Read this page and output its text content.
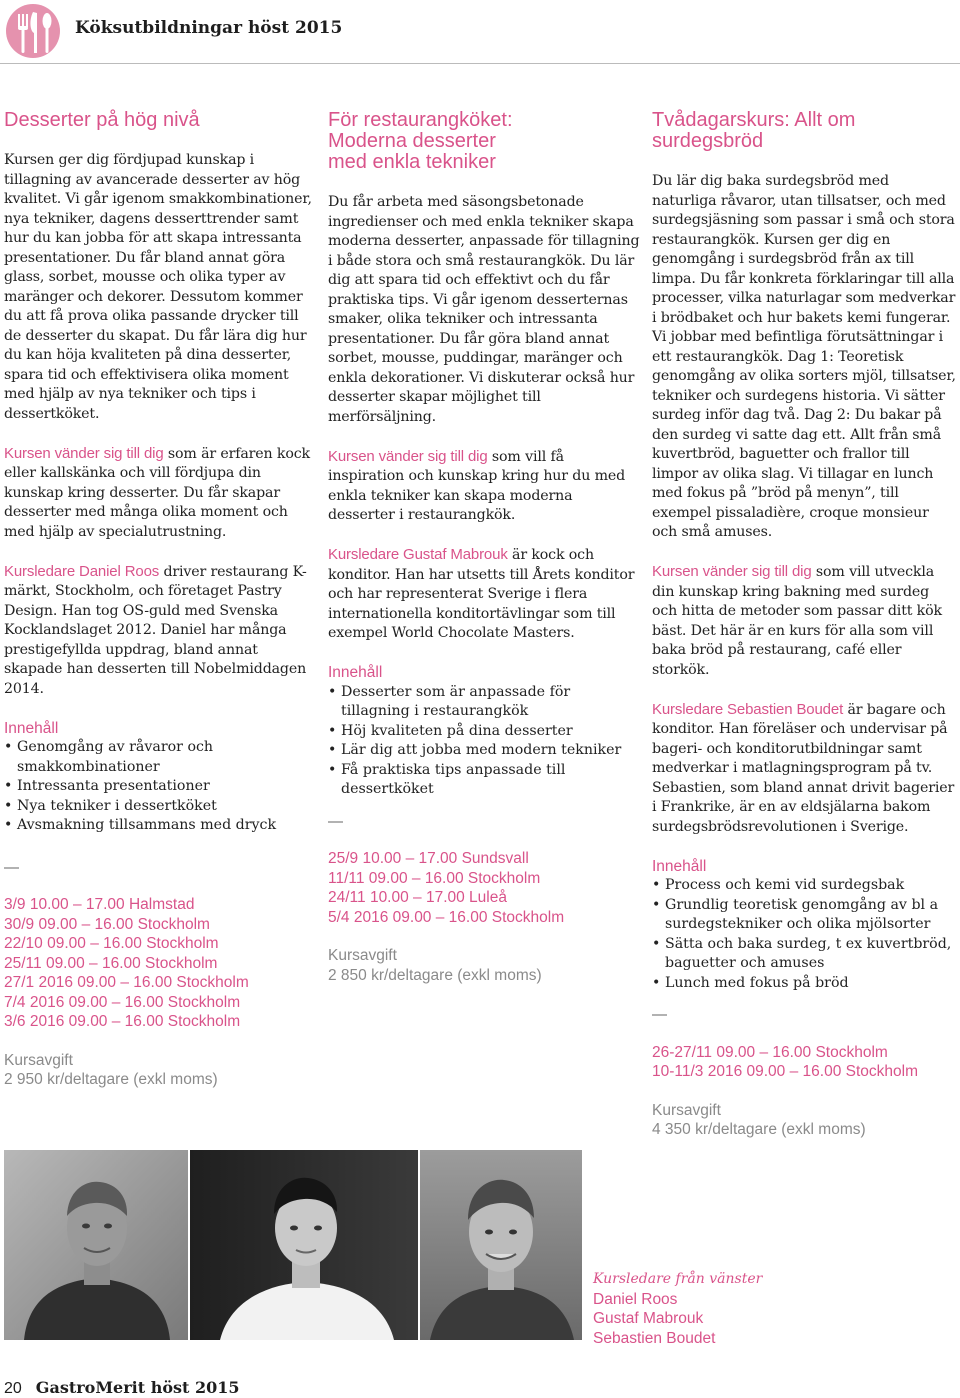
Köksutbildningar höst 2015
Desserter på hög nivå

Kursen ger dig fördjupad kunskap i tillagning av avancerade desserter av hög kvalitet. Vi går igenom smakkombinationer, nya tekniker, dagens desserttrender samt hur du kan jobba för att skapa intressanta presentationer. Du får bland annat göra glass, sorbet, mousse och olika typer av maränger och dekorer. Dessutom kommer du att få prova olika passande drycker till de desserter du skapat. Du får lära dig hur du kan höja kvaliteten på dina desserter, spara tid och effektivisera olika moment med hjälp av nya tekniker och tips i dessertköket.

Kursen vänder sig till dig som är erfaren kock eller kallskänka och vill fördjupa din kunskap kring desserter. Du får skapar desserter med många olika moment och med hjälp av specialutrustning.

Kursledare Daniel Roos driver restaurang K-märkt, Stockholm, och företaget Pastry Design. Han tog OS-guld med Svenska Kocklandslaget 2012. Daniel har många prestigefyllda uppdrag, bland annat skapade han desserten till Nobelmiddagen 2014.

Innehåll
• Genomgång av råvaror och smakkombinationer
• Intressanta presentationer
• Nya tekniker i dessertköket
• Avsmakning tillsammans med dryck
—
3/9 10.00 – 17.00 Halmstad
30/9 09.00 – 16.00 Stockholm
22/10 09.00 – 16.00 Stockholm
25/11 09.00 – 16.00 Stockholm
27/1 2016 09.00 – 16.00 Stockholm
7/4 2016 09.00 – 16.00 Stockholm
3/6 2016 09.00 – 16.00 Stockholm
Kursavgift
2 950 kr/deltagare (exkl moms)
För restaurangköket: Moderna desserter med enkla tekniker

Du får arbeta med säsongsbetonade ingredienser och med enkla tekniker skapa moderna desserter, anpassade för tillagning i både stora och små restaurangkök. Du lär dig att spara tid och effektivt och du får praktiska tips. Vi går igenom desserternas smaker, olika tekniker och intressanta presentationer. Du får göra bland annat sorbet, mousse, puddingar, maränger och enkla dekorationer. Vi diskuterar också hur desserter skapar möjlighet till merförsäljning.

Kursen vänder sig till dig som vill få inspiration och kunskap kring hur du med enkla tekniker kan skapa moderna desserter i restaurangkök.

Kursledare Gustaf Mabrouk är kock och konditor. Han har utsetts till Årets konditor och har representerat Sverige i flera internationella konditortävlingar som till exempel World Chocolate Masters.

Innehåll
• Desserter som är anpassade för tillagning i restaurangkök
• Höj kvaliteten på dina desserter
• Lär dig att jobba med modern tekniker
• Få praktiska tips anpassade till dessertköket
—
25/9 10.00 – 17.00 Sundsvall
11/11 09.00 – 16.00 Stockholm
24/11 10.00 – 17.00 Luleå
5/4 2016 09.00 – 16.00 Stockholm
Kursavgift
2 850 kr/deltagare (exkl moms)
Tvådagarskurs: Allt om surdegsbröd

Du lär dig baka surdegsbröd med naturliga råvaror, utan tillsatser, och med surdegsjäsning som passar i små och stora restaurangkök. Kursen ger dig en genomgång i surdegsbröd från ax till limpa. Du får konkreta förklaringar till alla processer, vilka naturlagar som medverkar i brödbaket och hur bakets kemi fungerar. Vi jobbar med befintliga förutsättningar i ett restaurangkök. Dag 1: Teoretisk genomgång av olika sorters mjöl, tillsatser, tekniker och surdegens historia. Vi sätter surdeg inför dag två. Dag 2: Du bakar på den surdeg vi satte dag ett. Allt från små kuvertbröd, baguetter och frallor till limpor av olika slag. Vi tillagar en lunch med fokus på ”bröd på menyn”, till exempel pissaladière, croque monsieur och små amuses.

Kursen vänder sig till dig som vill utveckla din kunskap kring bakning med surdeg och hitta de metoder som passar ditt kök bäst. Det här är en kurs för alla som vill baka bröd på restaurang, café eller storkök.

Kursledare Sebastien Boudet är bagare och konditor. Han föreläser och undervisar på bageri- och konditorutbildningar samt medverkar i matlagningsprogram på tv. Sebastien, som bland annat drivit bagerier i Frankrike, är en av eldsjälarna bakom surdegsbrödsrevolutionen i Sverige.

Innehåll
• Process och kemi vid surdegsbak
• Grundlig teoretisk genomgång av bl a surdegstekniker och olika mjölsorter
• Sätta och baka surdeg, t ex kuvertbröd, baguetter och amuses
• Lunch med fokus på bröd
—
26-27/11 09.00 – 16.00 Stockholm
10-11/3 2016 09.00 – 16.00 Stockholm
Kursavgift
4 350 kr/deltagare (exkl moms)
Kursledare från vänster
Daniel Roos
Gustaf Mabrouk
Sebastien Boudet
20 GastroMerit höst 2015
